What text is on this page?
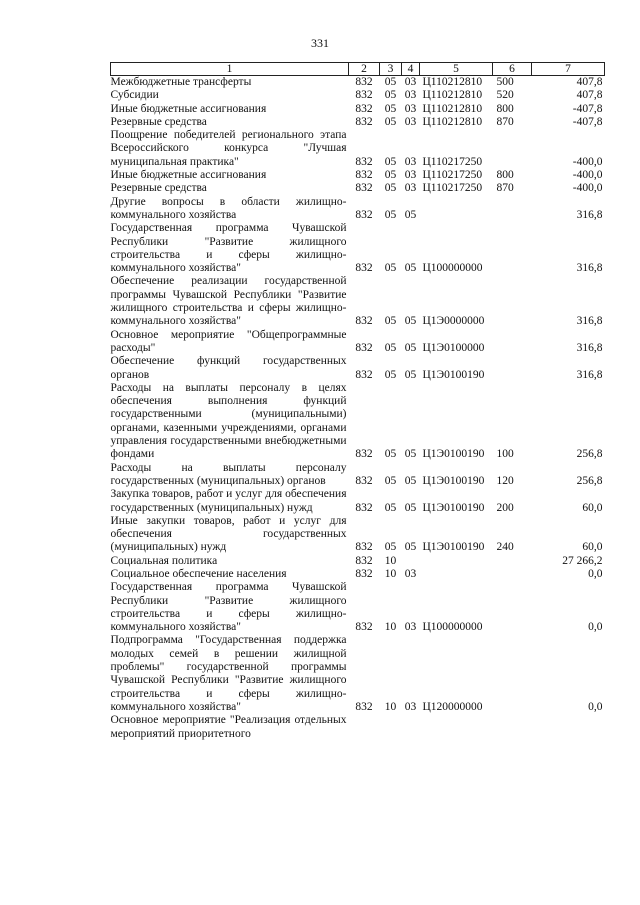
331
1	2	3	4	5	6	7
Межбюджетные трансферты	832	05	03	Ц110212810	500	407,8
Субсидии	832	05	03	Ц110212810	520	407,8
Иные бюджетные ассигнования	832	05	03	Ц110212810	800	-407,8
Резервные средства	832	05	03	Ц110212810	870	-407,8
Поощрение победителей регионального этапа Всероссийского конкурса "Лучшая муниципальная практика"	832	05	03	Ц110217250		-400,0
Иные бюджетные ассигнования	832	05	03	Ц110217250	800	-400,0
Резервные средства	832	05	03	Ц110217250	870	-400,0
Другие вопросы в области жилищно-коммунального хозяйства	832	05	05			316,8
Государственная программа Чувашской Республики "Развитие жилищного строительства и сферы жилищно-коммунального хозяйства"	832	05	05	Ц100000000		316,8
Обеспечение реализации государственной программы Чувашской Республики "Развитие жилищного строительства и сферы жилищно-коммунального хозяйства"	832	05	05	Ц1Э0000000		316,8
Основное мероприятие "Общепрограммные расходы"	832	05	05	Ц1Э0100000		316,8
Обеспечение функций государственных органов	832	05	05	Ц1Э0100190		316,8
Расходы на выплаты персоналу в целях обеспечения выполнения функций государственными (муниципальными) органами, казенными учреждениями, органами управления государственными внебюджетными фондами	832	05	05	Ц1Э0100190	100	256,8
Расходы на выплаты персоналу государственных (муниципальных) органов	832	05	05	Ц1Э0100190	120	256,8
Закупка товаров, работ и услуг для обеспечения государственных (муниципальных) нужд	832	05	05	Ц1Э0100190	200	60,0
Иные закупки товаров, работ и услуг для обеспечения государственных (муниципальных) нужд	832	05	05	Ц1Э0100190	240	60,0
Социальная политика	832	10				27 266,2
Социальное обеспечение населения	832	10	03			0,0
Государственная программа Чувашской Республики "Развитие жилищного строительства и сферы жилищно-коммунального хозяйства"	832	10	03	Ц100000000		0,0
Подпрограмма "Государственная поддержка молодых семей в решении жилищной проблемы" государственной программы Чувашской Республики "Развитие жилищного строительства и сферы жилищно-коммунального хозяйства"	832	10	03	Ц120000000		0,0
Основное мероприятие "Реализация отдельных мероприятий приоритетного						
